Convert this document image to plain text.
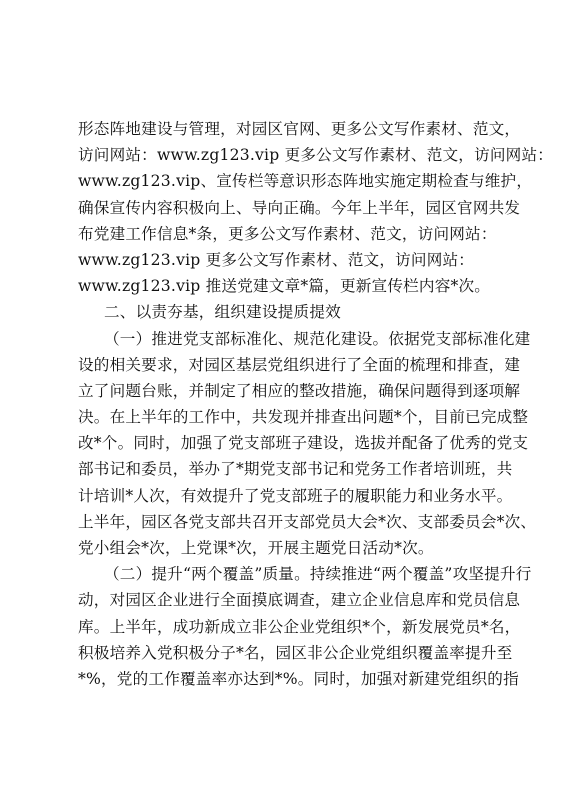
形态阵地建设与管理，对园区官网、更多公文写作素材、范文，
访问网站：www.zg123.vip 更多公文写作素材、范文，访问网站：
www.zg123.vip、宣传栏等意识形态阵地实施定期检查与维护，
确保宣传内容积极向上、导向正确。今年上半年，园区官网共发
布党建工作信息*条，更多公文写作素材、范文，访问网站：
www.zg123.vip 更多公文写作素材、范文，访问网站：
www.zg123.vip 推送党建文章*篇，更新宣传栏内容*次。
二、以责夯基，组织建设提质提效
（一）推进党支部标准化、规范化建设。依据党支部标准化建
设的相关要求，对园区基层党组织进行了全面的梳理和排查，建
立了问题台账，并制定了相应的整改措施，确保问题得到逐项解
决。在上半年的工作中，共发现并排查出问题*个，目前已完成整
改*个。同时，加强了党支部班子建设，选拔并配备了优秀的党支
部书记和委员，举办了*期党支部书记和党务工作者培训班，共
计培训*人次，有效提升了党支部班子的履职能力和业务水平。
上半年，园区各党支部共召开支部党员大会*次、支部委员会*次、
党小组会*次，上党课*次，开展主题党日活动*次。
（二）提升“两个覆盖”质量。持续推进“两个覆盖”攻坚提升行
动，对园区企业进行全面摸底调查，建立企业信息库和党员信息
库。上半年，成功新成立非公企业党组织*个，新发展党员*名，
积极培养入党积极分子*名，园区非公企业党组织覆盖率提升至
*%，党的工作覆盖率亦达到*%。同时，加强对新建党组织的指
